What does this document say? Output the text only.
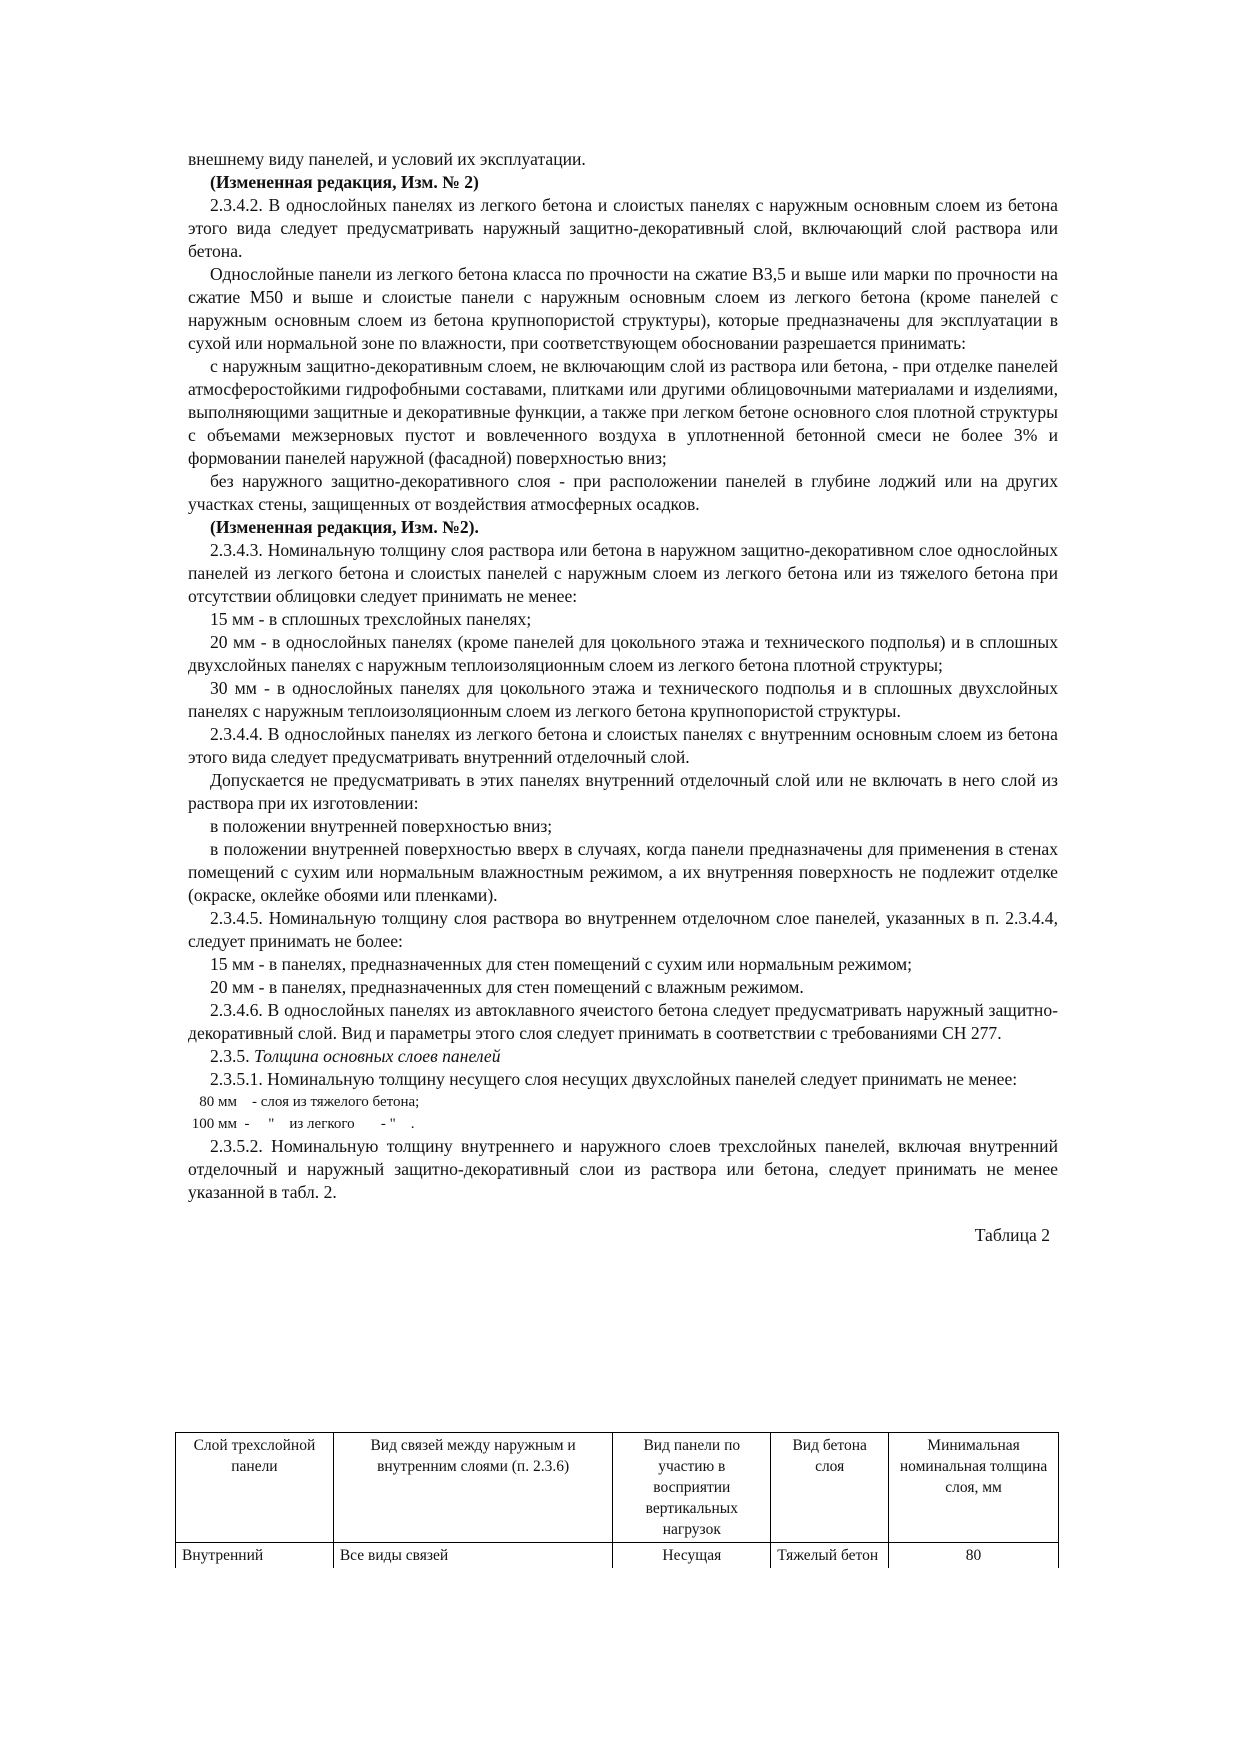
внешнему виду панелей, и условий их эксплуатации.

(Измененная редакция, Изм. № 2)

2.3.4.2. В однослойных панелях из легкого бетона и слоистых панелях с наружным основным слоем из бетона этого вида следует предусматривать наружный защитно-декоративный слой, включающий слой раствора или бетона.

Однослойные панели из легкого бетона класса по прочности на сжатие В3,5 и выше или марки по прочности на сжатие М50 и выше и слоистые панели с наружным основным слоем из легкого бетона (кроме панелей с наружным основным слоем из бетона крупнопористой структуры), которые предназначены для эксплуатации в сухой или нормальной зоне по влажности, при соответствующем обосновании разрешается принимать:

с наружным защитно-декоративным слоем, не включающим слой из раствора или бетона, - при отделке панелей атмосферостойкими гидрофобными составами, плитками или другими облицовочными материалами и изделиями, выполняющими защитные и декоративные функции, а также при легком бетоне основного слоя плотной структуры с объемами межзерновых пустот и вовлеченного воздуха в уплотненной бетонной смеси не более 3% и формовании панелей наружной (фасадной) поверхностью вниз;

без наружного защитно-декоративного слоя - при расположении панелей в глубине лоджий или на других участках стены, защищенных от воздействия атмосферных осадков.

(Измененная редакция, Изм. №2).

2.3.4.3. Номинальную толщину слоя раствора или бетона в наружном защитно-декоративном слое однослойных панелей из легкого бетона и слоистых панелей с наружным слоем из легкого бетона или из тяжелого бетона при отсутствии облицовки следует принимать не менее:

15 мм - в сплошных трехслойных панелях;

20 мм - в однослойных панелях (кроме панелей для цокольного этажа и технического подполья) и в сплошных двухслойных панелях с наружным теплоизоляционным слоем из легкого бетона плотной структуры;

30 мм - в однослойных панелях для цокольного этажа и технического подполья и в сплошных двухслойных панелях с наружным теплоизоляционным слоем из легкого бетона крупнопористой структуры.

2.3.4.4. В однослойных панелях из легкого бетона и слоистых панелях с внутренним основным слоем из бетона этого вида следует предусматривать внутренний отделочный слой.

Допускается не предусматривать в этих панелях внутренний отделочный слой или не включать в него слой из раствора при их изготовлении:

в положении внутренней поверхностью вниз;

в положении внутренней поверхностью вверх в случаях, когда панели предназначены для применения в стенах помещений с сухим или нормальным влажностным режимом, а их внутренняя поверхность не подлежит отделке (окраске, оклейке обоями или пленками).

2.3.4.5. Номинальную толщину слоя раствора во внутреннем отделочном слое панелей, указанных в п. 2.3.4.4, следует принимать не более:

15 мм - в панелях, предназначенных для стен помещений с сухим или нормальным режимом;

20 мм - в панелях, предназначенных для стен помещений с влажным режимом.

2.3.4.6. В однослойных панелях из автоклавного ячеистого бетона следует предусматривать наружный защитно-декоративный слой. Вид и параметры этого слоя следует принимать в соответствии с требованиями СН 277.

2.3.5. Толщина основных слоев панелей

2.3.5.1. Номинальную толщину несущего слоя несущих двухслойных панелей следует принимать не менее:

80 мм    - слоя из тяжелого бетона;

100 мм  -     "    из легкого       - "    .

2.3.5.2. Номинальную толщину внутреннего и наружного слоев трехслойных панелей, включая внутренний отделочный и наружный защитно-декоративный слои из раствора или бетона, следует принимать не менее указанной в табл. 2.

Таблица 2

Слой трехслойной панели	Вид связей между наружным и внутренним слоями (п. 2.3.6)	Вид панели по участию в восприятии вертикальных нагрузок	Вид бетона слоя	Минимальная номинальная толщина слоя, мм
Внутренний	Все виды связей	Несущая	Тяжелый бетон	80
